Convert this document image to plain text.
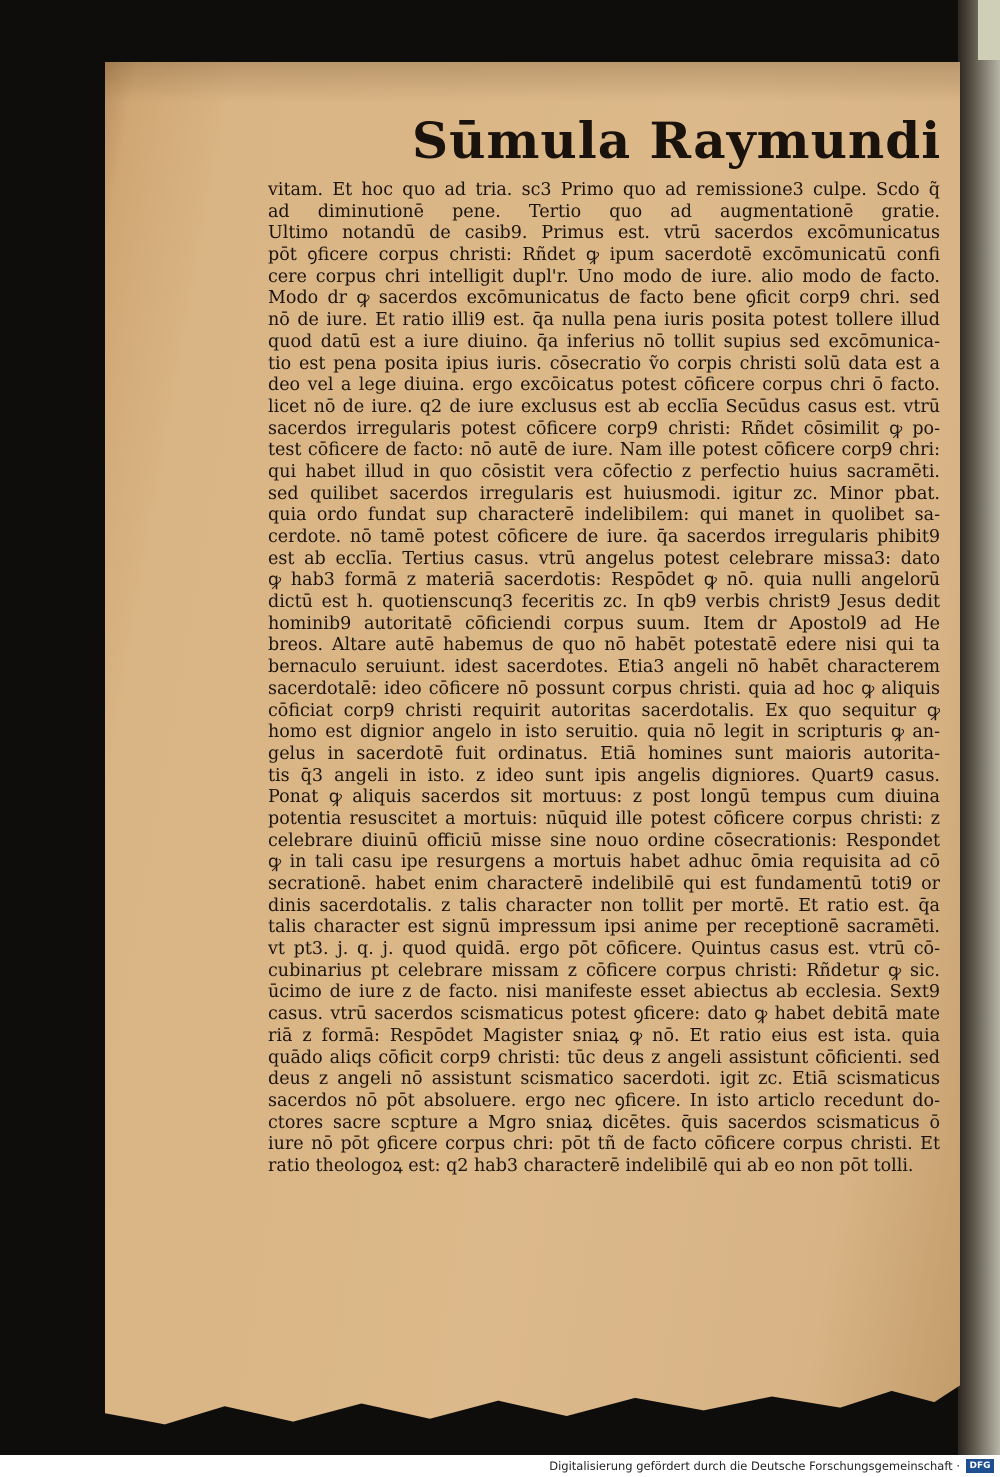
Sūmula Raymundi
vitam. Et hoc quo ad tria. sc3 Primo quo ad remissione3 culpe. Scdo q̃
ad diminutionē pene. Tertio quo ad augmentationē gratie.
Ultimo notandū de casib9. Primus est. vtrū sacerdos excōmunicatus
pōt ꝯficere corpus christi: Rñdet ꝙ ipum sacerdotē excōmunicatū confi
cere corpus chri intelligit dupl'r. Uno modo de iure. alio modo de facto.
Modo dr ꝙ sacerdos excōmunicatus de facto bene ꝯficit corp9 chri. sed
nō de iure. Et ratio illi9 est. q̄a nulla pena iuris posita potest tollere illud
quod datū est a iure diuino. q̄a inferius nō tollit supius sed excōmunica-
tio est pena posita ipius iuris. cōsecratio ṽo corpis christi solū data est a
deo vel a lege diuina. ergo excōicatus potest cōficere corpus chri ō facto.
licet nō de iure. q2 de iure exclusus est ab ecclīa Secūdus casus est. vtrū
sacerdos irregularis potest cōficere corp9 christi: Rñdet cōsimilit ꝙ po-
test cōficere de facto: nō autē de iure. Nam ille potest cōficere corp9 chri:
qui habet illud in quo cōsistit vera cōfectio z perfectio huius sacramēti.
sed quilibet sacerdos irregularis est huiusmodi. igitur zc. Minor pbat.
quia ordo fundat sup characterē indelibilem: qui manet in quolibet sa-
cerdote. nō tamē potest cōficere de iure. q̄a sacerdos irregularis phibit9
est ab ecclīa. Tertius casus. vtrū angelus potest celebrare missa3: dato
ꝙ hab3 formā z materiā sacerdotis: Respōdet ꝙ nō. quia nulli angelorū
dictū est h. quotienscunq3 feceritis zc. In qb9 verbis christ9 Jesus dedit
hominib9 autoritatē cōficiendi corpus suum. Item dr Apostol9 ad He
breos. Altare autē habemus de quo nō habēt potestatē edere nisi qui ta
bernaculo seruiunt. idest sacerdotes. Etia3 angeli nō habēt characterem
sacerdotalē: ideo cōficere nō possunt corpus christi. quia ad hoc ꝙ aliquis
cōficiat corp9 christi requirit autoritas sacerdotalis. Ex quo sequitur ꝙ
homo est dignior angelo in isto seruitio. quia nō legit in scripturis ꝙ an-
gelus in sacerdotē fuit ordinatus. Etiā homines sunt maioris autorita-
tis q̄3 angeli in isto. z ideo sunt ipis angelis digniores. Quart9 casus.
Ponat ꝙ aliquis sacerdos sit mortuus: z post longū tempus cum diuina
potentia resuscitet a mortuis: nūquid ille potest cōficere corpus christi: z
celebrare diuinū officiū misse sine nouo ordine cōsecrationis: Respondet
ꝙ in tali casu ipe resurgens a mortuis habet adhuc ōmia requisita ad cō
secrationē. habet enim characterē indelibilē qui est fundamentū toti9 or
dinis sacerdotalis. z talis character non tollit per mortē. Et ratio est. q̄a
talis character est signū impressum ipsi anime per receptionē sacramēti.
vt pt3. j. q. j. quod quidā. ergo pōt cōficere. Quintus casus est. vtrū cō-
cubinarius pt celebrare missam z cōficere corpus christi: Rñdetur ꝙ sic.
ūcimo de iure z de facto. nisi manifeste esset abiectus ab ecclesia. Sext9
casus. vtrū sacerdos scismaticus potest ꝯficere: dato ꝙ habet debitā mate
riā z formā: Respōdet Magister sniaꝝ ꝙ nō. Et ratio eius est ista. quia
quādo aliqs cōficit corp9 christi: tūc deus z angeli assistunt cōficienti. sed
deus z angeli nō assistunt scismatico sacerdoti. igit zc. Etiā scismaticus
sacerdos nō pōt absoluere. ergo nec ꝯficere. In isto articlo recedunt do-
ctores sacre scpture a Mgro sniaꝝ dicētes. q̄uis sacerdos scismaticus ō
iure nō pōt ꝯficere corpus chri: pōt tñ de facto cōficere corpus christi. Et
ratio theologoꝝ est: q2 hab3 characterē indelibilē qui ab eo non pōt tolli.
Digitalisierung gefördert durch die Deutsche Forschungsgemeinschaft ·	DFG
